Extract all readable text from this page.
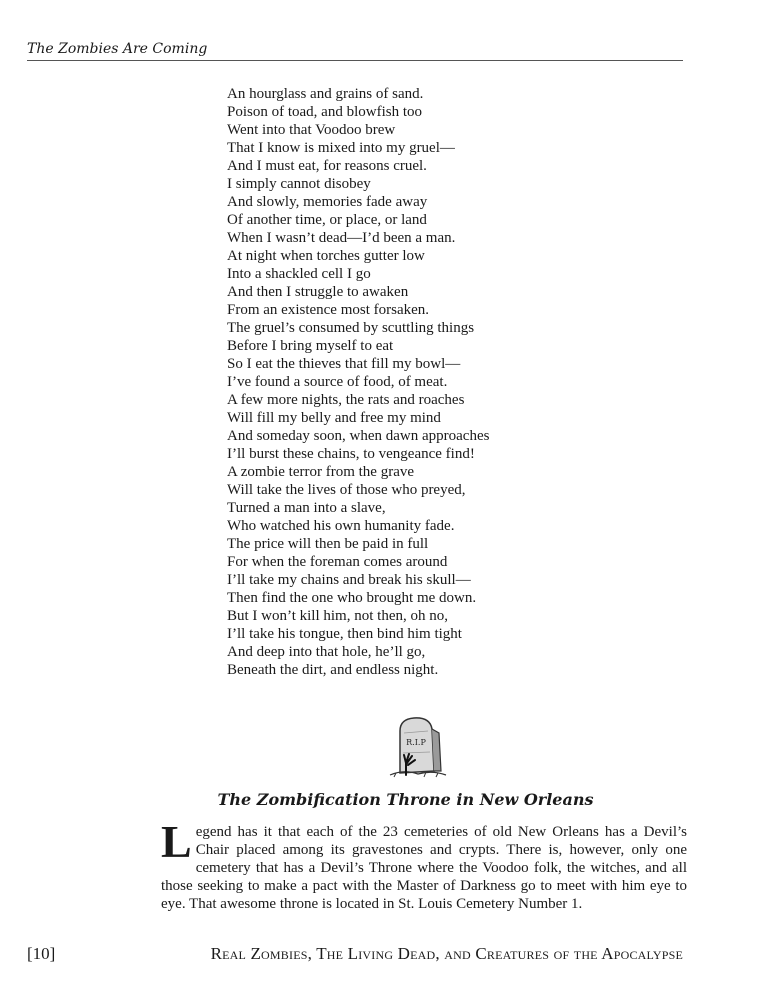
The Zombies Are Coming
An hourglass and grains of sand.
Poison of toad, and blowfish too
Went into that Voodoo brew
That I know is mixed into my gruel—
And I must eat, for reasons cruel.
I simply cannot disobey
And slowly, memories fade away
Of another time, or place, or land
When I wasn’t dead—I’d been a man.
At night when torches gutter low
Into a shackled cell I go
And then I struggle to awaken
From an existence most forsaken.
The gruel’s consumed by scuttling things
Before I bring myself to eat
So I eat the thieves that fill my bowl—
I’ve found a source of food, of meat.
A few more nights, the rats and roaches
Will fill my belly and free my mind
And someday soon, when dawn approaches
I’ll burst these chains, to vengeance find!
A zombie terror from the grave
Will take the lives of those who preyed,
Turned a man into a slave,
Who watched his own humanity fade.
The price will then be paid in full
For when the foreman comes around
I’ll take my chains and break his skull—
Then find the one who brought me down.
But I won’t kill him, not then, oh no,
I’ll take his tongue, then bind him tight
And deep into that hole, he’ll go,
Beneath the dirt, and endless night.
R.I.P
The Zombification Throne in New Orleans
Legend has it that each of the 23 cemeteries of old New Orleans has a Devil’s Chair placed among its gravestones and crypts. There is, however, only one cemetery that has a Devil’s Throne where the Voodoo folk, the witches, and all those seeking to make a pact with the Master of Darkness go to meet with him eye to eye. That awesome throne is located in St. Louis Cemetery Number 1.
[10]	Real Zombies, The Living Dead, and Creatures of the Apocalypse
